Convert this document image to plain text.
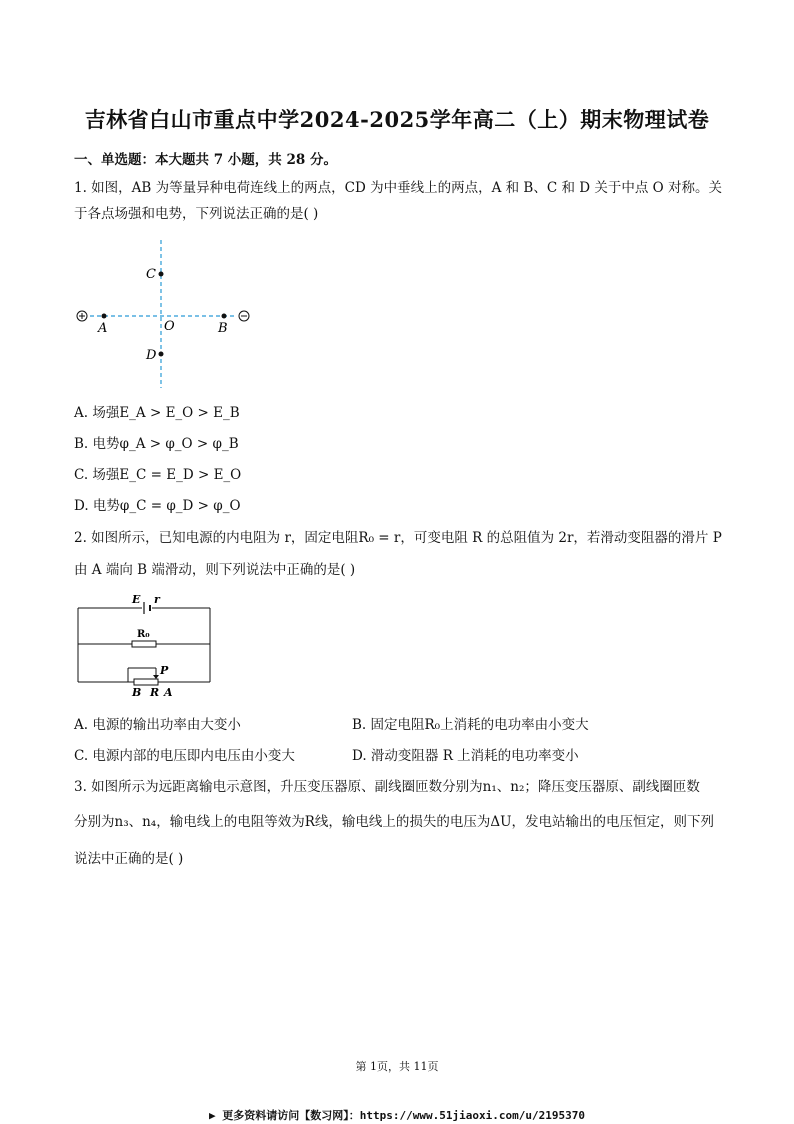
吉林省白山市重点中学2024-2025学年高二（上）期末物理试卷
一、单选题：本大题共 7 小题，共 28 分。
1. 如图，AB 为等量异种电荷连线上的两点，CD 为中垂线上的两点，A 和 B、C 和 D 关于中点 O 对称。关
于各点场强和电势，下列说法正确的是( )
A	B
C
D
O
A. 场强E_A > E_O > E_B
B. 电势φ_A > φ_O > φ_B
C. 场强E_C = E_D > E_O
D. 电势φ_C = φ_D > φ_O
2. 如图所示，已知电源的内电阻为 r，固定电阻R₀ = r，可变电阻 R 的总阻值为 2r，若滑动变阻器的滑片 P
由 A 端向 B 端滑动，则下列说法中正确的是( )
E r
R₀
P
B R A
A. 电源的输出功率由大变小	B. 固定电阻R₀上消耗的电功率由小变大
C. 电源内部的电压即内电压由小变大	D. 滑动变阻器 R 上消耗的电功率变小
3. 如图所示为远距离输电示意图，升压变压器原、副线圈匝数分别为n₁、n₂；降压变压器原、副线圈匝数
分别为n₃、n₄，输电线上的电阻等效为R线，输电线上的损失的电压为ΔU，发电站输出的电压恒定，则下列
说法中正确的是( )
第 1页，共 11页
▶ 更多资料请访问【数习网】：https://www.51jiaoxi.com/u/2195370
